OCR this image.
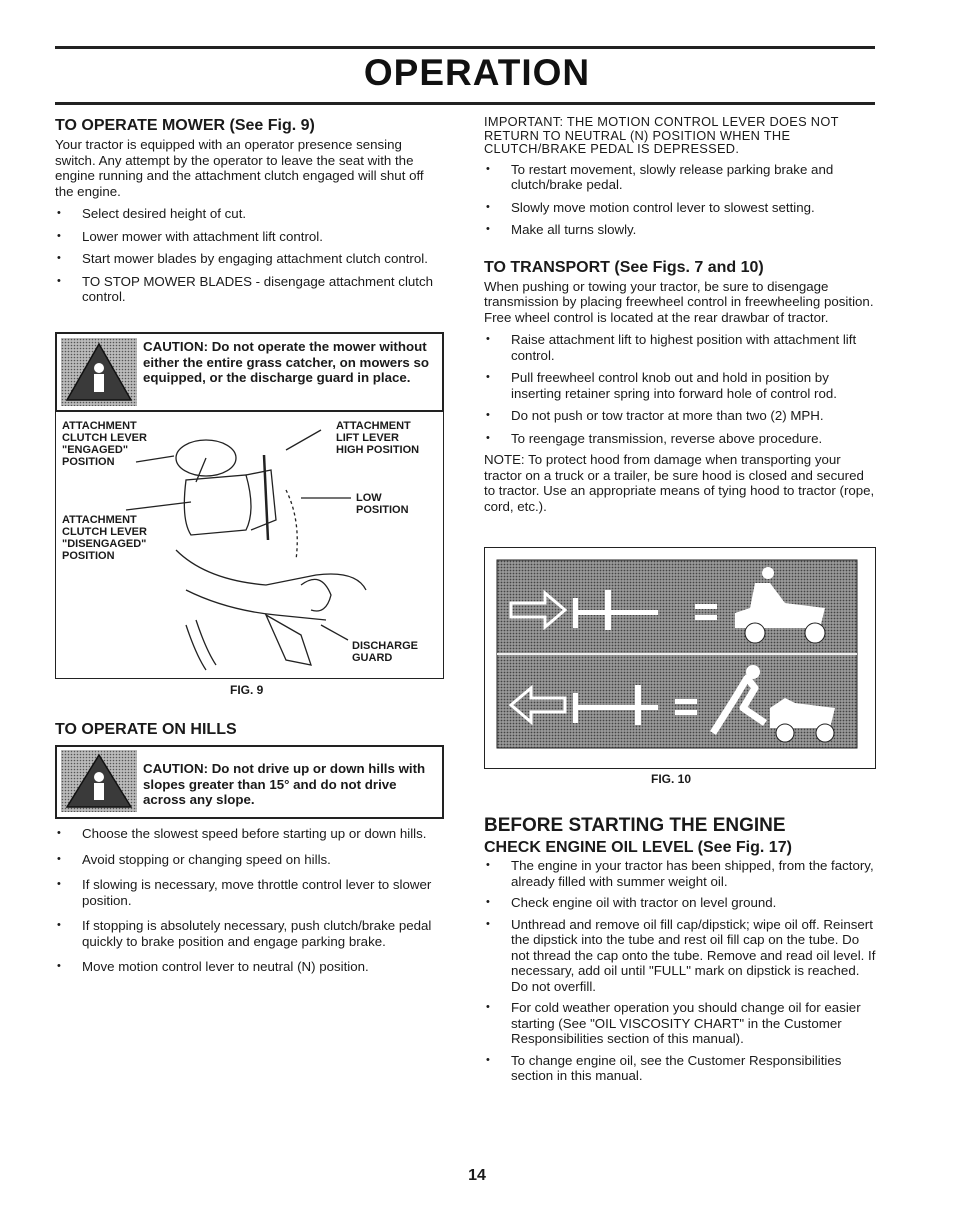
OPERATION
TO OPERATE MOWER (See Fig. 9)

Your tractor is equipped with an operator presence sensing switch. Any attempt by the operator to leave the seat with the engine running and the attachment clutch engaged will shut off the engine.

• Select desired height of cut.
• Lower mower with attachment lift control.
• Start mower blades by engaging attachment clutch control.
• TO STOP MOWER BLADES - disengage attachment clutch control.
CAUTION: Do not operate the mower without either the entire grass catcher, on mowers so equipped, or the discharge guard in place.
ATTACHMENT
CLUTCH LEVER
"ENGAGED"
POSITION
ATTACHMENT
LIFT LEVER
HIGH POSITION
LOW
POSITION
ATTACHMENT
CLUTCH LEVER
"DISENGAGED"
POSITION
DISCHARGE
GUARD
FIG. 9
TO OPERATE ON HILLS
CAUTION: Do not drive up or down hills with slopes greater than 15° and do not drive across any slope.
• Choose the slowest speed before starting up or down hills.
• Avoid stopping or changing speed on hills.
• If slowing is necessary, move throttle control lever to slower position.
• If stopping is absolutely necessary, push clutch/brake pedal quickly to brake position and engage parking brake.
• Move motion control lever to neutral (N) position.

IMPORTANT: THE MOTION CONTROL LEVER DOES NOT RETURN TO NEUTRAL (N) POSITION WHEN THE CLUTCH/BRAKE PEDAL IS DEPRESSED.

• To restart movement, slowly release parking brake and clutch/brake pedal.
• Slowly move motion control lever to slowest setting.
• Make all turns slowly.
TO TRANSPORT (See Figs. 7 and 10)

When pushing or towing your tractor, be sure to disengage transmission by placing freewheel control in freewheeling position. Free wheel control is located at the rear drawbar of tractor.

• Raise attachment lift to highest position with attachment lift control.
• Pull freewheel control knob out and hold in position by inserting retainer spring into forward hole of control rod.
• Do not push or tow tractor at more than two (2) MPH.
• To reengage transmission, reverse above procedure.

NOTE: To protect hood from damage when transporting your tractor on a truck or a trailer, be sure hood is closed and secured to tractor. Use an appropriate means of tying hood to tractor (rope, cord, etc.).

FIG. 10
BEFORE STARTING THE ENGINE
CHECK ENGINE OIL LEVEL (See Fig. 17)
• The engine in your tractor has been shipped, from the factory, already filled with summer weight oil.
• Check engine oil with tractor on level ground.
• Unthread and remove oil fill cap/dipstick; wipe oil off. Reinsert the dipstick into the tube and rest oil fill cap on the tube. Do not thread the cap onto the tube. Remove and read oil level. If necessary, add oil until "FULL" mark on dipstick is reached. Do not overfill.
• For cold weather operation you should change oil for easier starting (See "OIL VISCOSITY CHART" in the Customer Responsibilities section of this manual).
• To change engine oil, see the Customer Responsibilities section in this manual.
14
